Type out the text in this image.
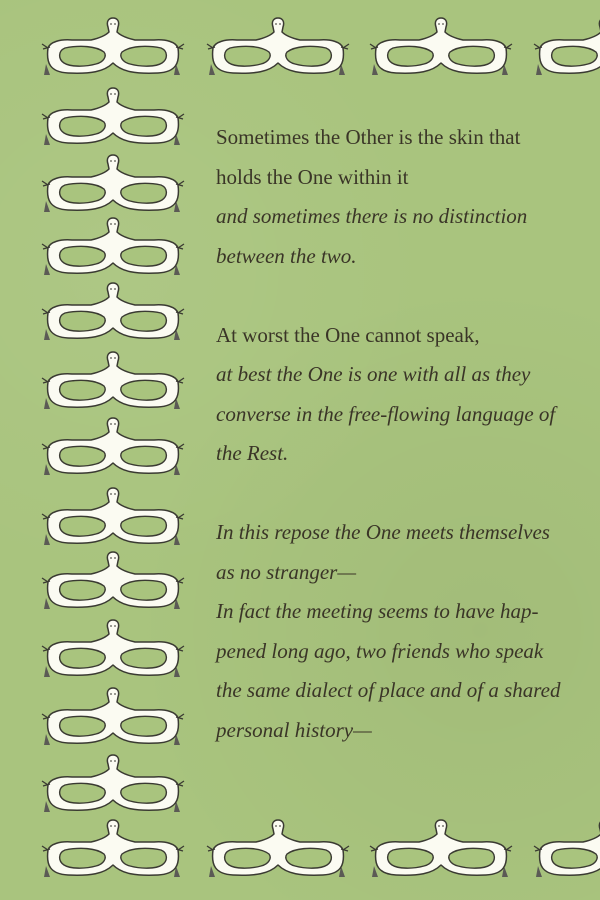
Sometimes the Other is the skin that
holds the One within it
and sometimes there is no distinction
between the two.
At worst the One cannot speak,
at best the One is one with all as they
converse in the free-flowing language of
the Rest.
In this repose the One meets themselves
as no stranger—
In fact the meeting seems to have hap-
pened long ago, two friends who speak
the same dialect of place and of a shared
personal history—
